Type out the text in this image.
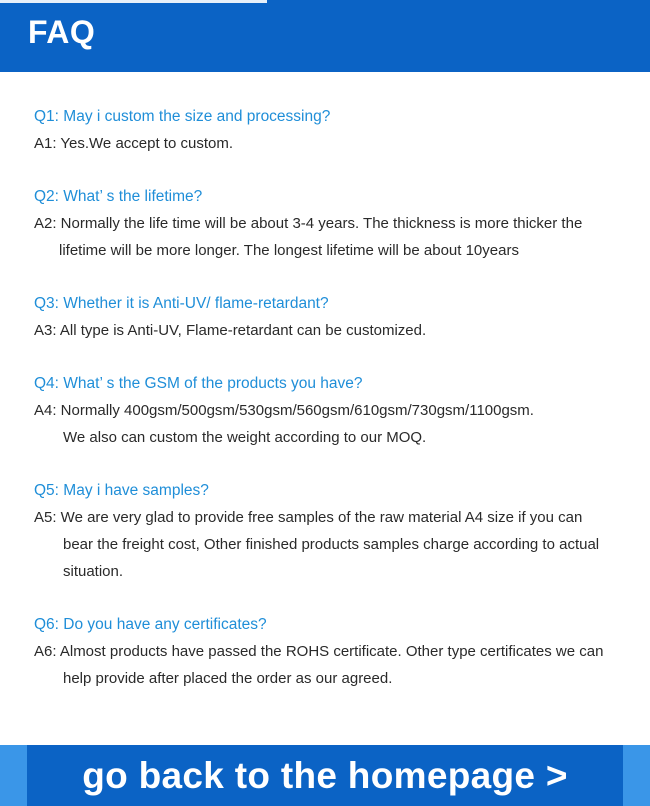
FAQ
Q1: May i custom the size and processing?
A1: Yes.We accept to custom.
Q2: What’ s the lifetime?
A2: Normally the life time will be about 3-4 years. The thickness is more thicker the
lifetime will be more longer. The longest lifetime will be about 10years
Q3: Whether it is Anti-UV/ flame-retardant?
A3: All type is Anti-UV, Flame-retardant can be customized.
Q4: What’ s the GSM of the products you have?
A4: Normally 400gsm/500gsm/530gsm/560gsm/610gsm/730gsm/1100gsm.
We also can custom the weight according to our MOQ.
Q5: May i have samples?
A5: We are very glad to provide free samples of the raw material A4 size if you can
bear the freight cost, Other finished products samples charge according to actual
situation.
Q6: Do you have any certificates?
A6: Almost products have passed the ROHS certificate. Other type certificates we can
help provide after placed the order as our agreed.
go back to the homepage >
